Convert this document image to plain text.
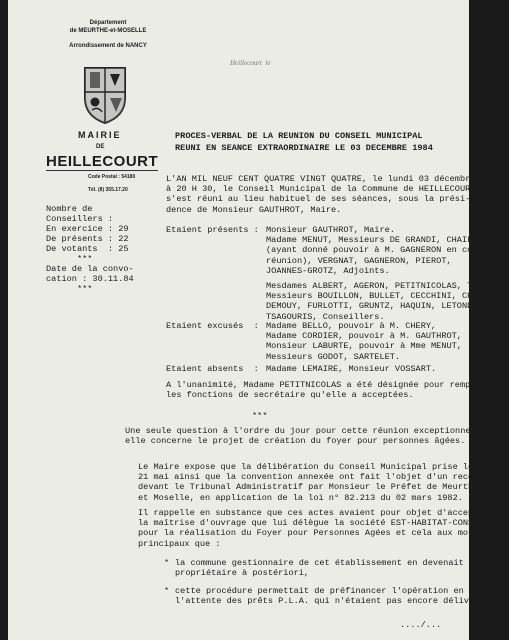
Département
de MEURTHE-et-MOSELLE
Arrondissement de NANCY
MAIRIE
DE
HEILLECOURT
Code Postal : 54180
Tél. (8) 355.17.20
Heillecourt  le
PROCES-VERBAL DE LA REUNION DU CONSEIL MUNICIPAL
REUNI EN SEANCE EXTRAORDINAIRE LE 03 DECEMBRE 1984
Nombre de
Conseillers :
En exercice : 29
De présents : 22
De votants  : 25
***
Date de la convo-
cation : 30.11.84
***
L'AN MIL NEUF CENT QUATRE VINGT QUATRE, le lundi 03 décembre,
à 20 H 30, le Conseil Municipal de la Commune de HEILLECOURT
s'est réuni au lieu habituel de ses séances, sous la prési-
dence de Monsieur GAUTHROT, Maire.
Etaient présents : Monsieur GAUTHROT, Maire.
Madame MENUT, Messieurs DE GRANDI, CHAILLY
(ayant donné pouvoir à M. GAGNERON en cours de
réunion), VERGNAT, GAGNERON, PIEROT,
JOANNES-GROTZ, Adjoints.
Mesdames ALBERT, AGERON, PETITNICOLAS, THIERY,
Messieurs BOUILLON, BULLET, CECCHINI, CHERY,
DEMOUY, FURLOTTI, GRUNTZ, HAQUIN, LETONDOR,
TSAGOURIS, Conseillers.
Etaient excusés  : Madame BELLO, pouvoir à M. CHERY,
Madame CORDIER, pouvoir à M. GAUTHROT,
Monsieur LABURTE, pouvoir à Mme MENUT,
Messieurs GODOT, SARTELET.
Etaient absents  : Madame LEMAIRE, Monsieur VOSSART.
A l'unanimité, Madame PETITNICOLAS a été désignée pour remplir
les fonctions de secrétaire qu'elle a acceptées.
***
Une seule question à l'ordre du jour pour cette réunion exceptionnelle,
elle concerne le projet de création du foyer pour personnes âgées.
Le Maire expose que la délibération du Conseil Municipal prise le
21 mai ainsi que la convention annexée ont fait l'objet d'un recours
devant le Tribunal Administratif par Monsieur le Préfet de Meurthe
et Moselle, en application de la loi n° 82.213 du 02 mars 1982.
Il rappelle en substance que ces actes avaient pour objet d'accepter
la maîtrise d'ouvrage que lui délègue la société EST-HABITAT-CONSTRUCTIO
pour la réalisation du Foyer pour Personnes Agées et cela aux motifs
principaux que :
* la commune gestionnaire de cet établissement en devenait
propriétaire à postériori,
* cette procédure permettait de préfinancer l'opération en
l'attente des prêts P.L.A. qui n'étaient pas encore délivrés.
..../...
